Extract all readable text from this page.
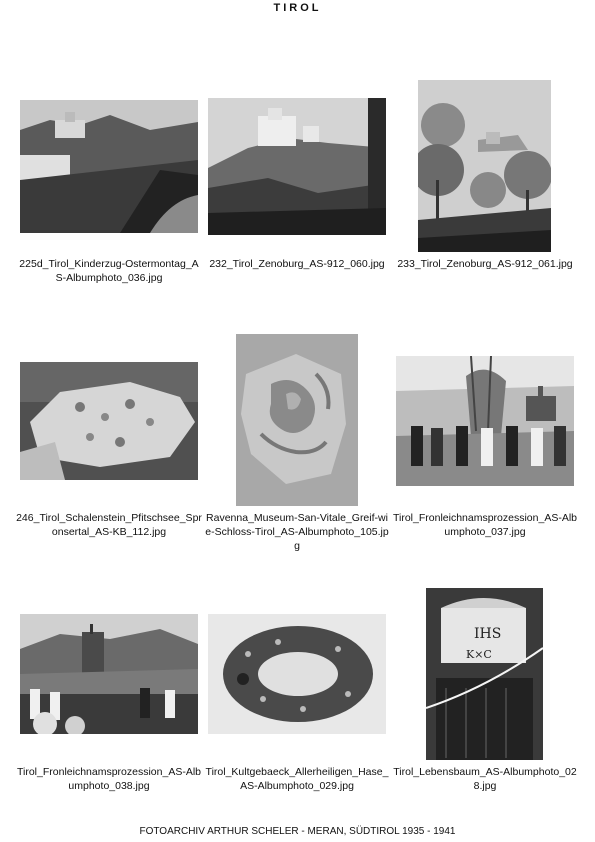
TIROL
225d_Tirol_Kinderzug-Ostermontag_AS-Albumphoto_036.jpg
232_Tirol_Zenoburg_AS-912_060.jpg	233_Tirol_Zenoburg_AS-912_061.jpg
246_Tirol_Schalenstein_Pfitschsee_Spronsertal_AS-KB_112.jpg
Ravenna_Museum-San-Vitale_Greif-wie-Schloss-Tirol_AS-Albumphoto_105.jpg
Tirol_Fronleichnamsprozession_AS-Albumphoto_037.jpg
Tirol_Fronleichnamsprozession_AS-Albumphoto_038.jpg
Tirol_Kultgebaeck_Allerheiligen_Hase_AS-Albumphoto_029.jpg
IHS
K×C
Tirol_Lebensbaum_AS-Albumphoto_028.jpg
FOTOARCHIV ARTHUR SCHELER - MERAN, SÜDTIROL 1935 - 1941
